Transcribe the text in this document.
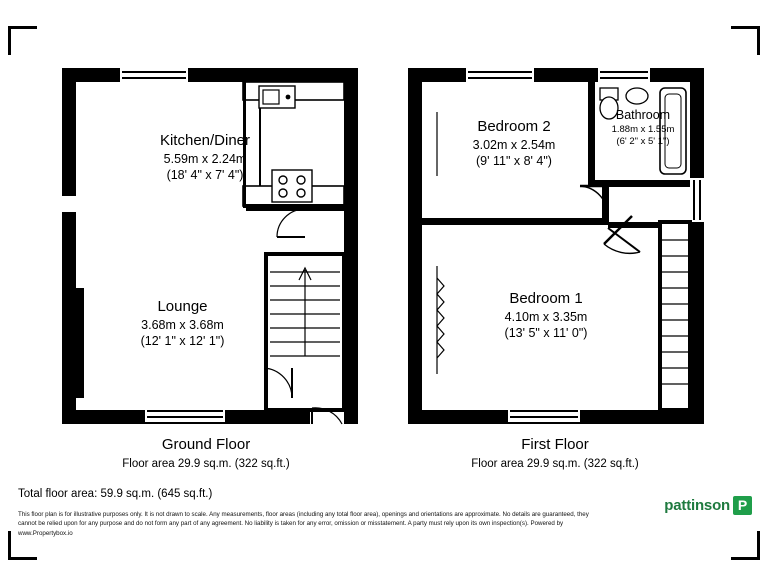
Kitchen/Diner
5.59m x 2.24m
(18' 4" x 7' 4")
Lounge
3.68m x 3.68m
(12' 1" x 12' 1")
Bedroom 2
3.02m x 2.54m
(9' 11" x 8' 4")
Bathroom
1.88m x 1.55m
(6' 2" x 5' 1")
Bedroom 1
4.10m x 3.35m
(13' 5" x 11' 0")
Ground Floor
Floor area 29.9 sq.m. (322 sq.ft.)
First Floor
Floor area 29.9 sq.m. (322 sq.ft.)
Total floor area: 59.9 sq.m. (645 sq.ft.)
This floor plan is for illustrative purposes only. It is not drawn to scale. Any measurements, floor areas (including any total floor area), openings and orientations are approximate. No details are guaranteed, they cannot be relied upon for any purpose and do not form any part of any agreement. No liability is taken for any error, omission or misstatement. A party must rely upon its own inspection(s). Powered by www.Propertybox.io
pattinson P
